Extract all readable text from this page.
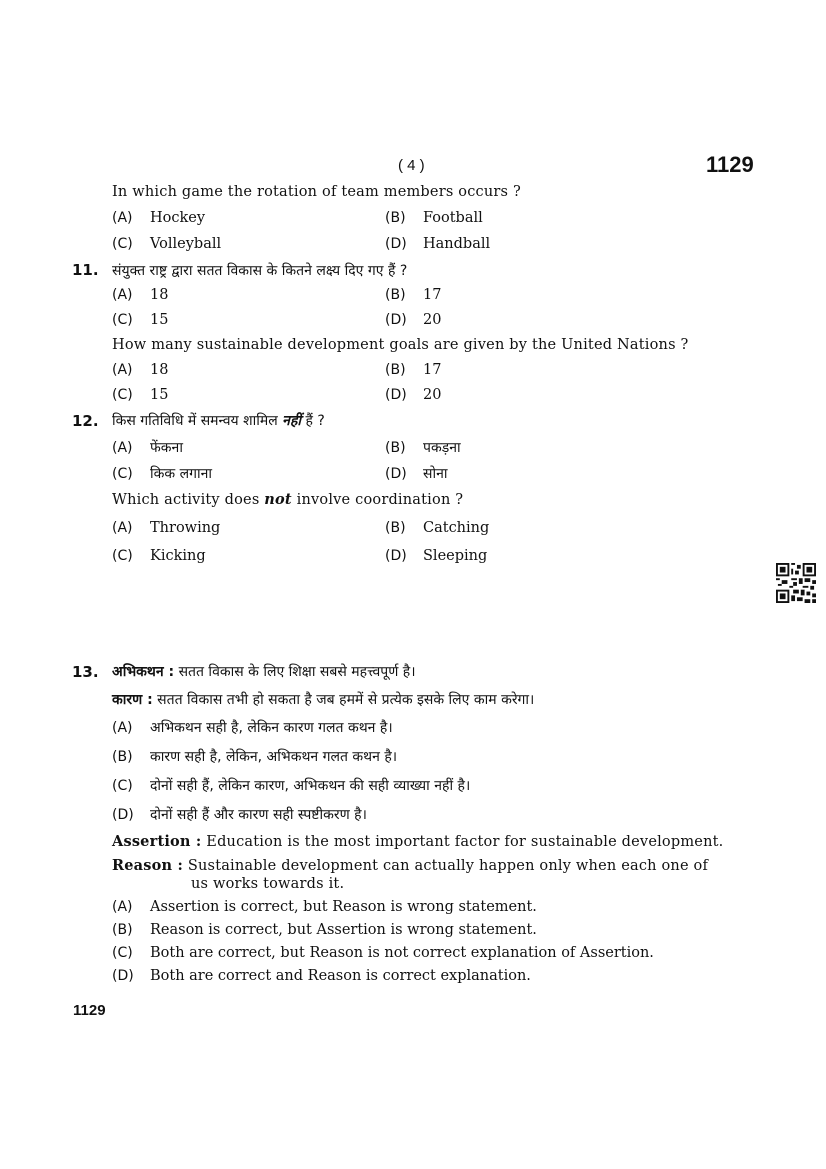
( 4 )	1129
In which game the rotation of team members occurs ?
(A) Hockey	(B) Football
(C) Volleyball	(D) Handball
11. संयुक्त राष्ट्र द्वारा सतत विकास के कितने लक्ष्य दिए गए हैं ?
(A) 18	(B) 17
(C) 15	(D) 20
How many sustainable development goals are given by the United Nations ?
(A) 18	(B) 17
(C) 15	(D) 20
12. किस गतिविधि में समन्वय शामिल नहीं हैं ?
(A) फेंकना	(B) पकड़ना
(C) किक लगाना	(D) सोना
Which activity does not involve coordination ?
(A) Throwing	(B) Catching
(C) Kicking	(D) Sleeping
13. अभिकथन : सतत विकास के लिए शिक्षा सबसे महत्त्वपूर्ण है।
कारण : सतत विकास तभी हो सकता है जब हममें से प्रत्येक इसके लिए काम करेगा।
(A) अभिकथन सही है, लेकिन कारण गलत कथन है।
(B) कारण सही है, लेकिन, अभिकथन गलत कथन है।
(C) दोनों सही हैं, लेकिन कारण, अभिकथन की सही व्याख्या नहीं है।
(D) दोनों सही हैं और कारण सही स्पष्टीकरण है।
Assertion : Education is the most important factor for sustainable development.
Reason : Sustainable development can actually happen only when each one of
us works towards it.
(A) Assertion is correct, but Reason is wrong statement.
(B) Reason is correct, but Assertion is wrong statement.
(C) Both are correct, but Reason is not correct explanation of Assertion.
(D) Both are correct and Reason is correct explanation.
1129
